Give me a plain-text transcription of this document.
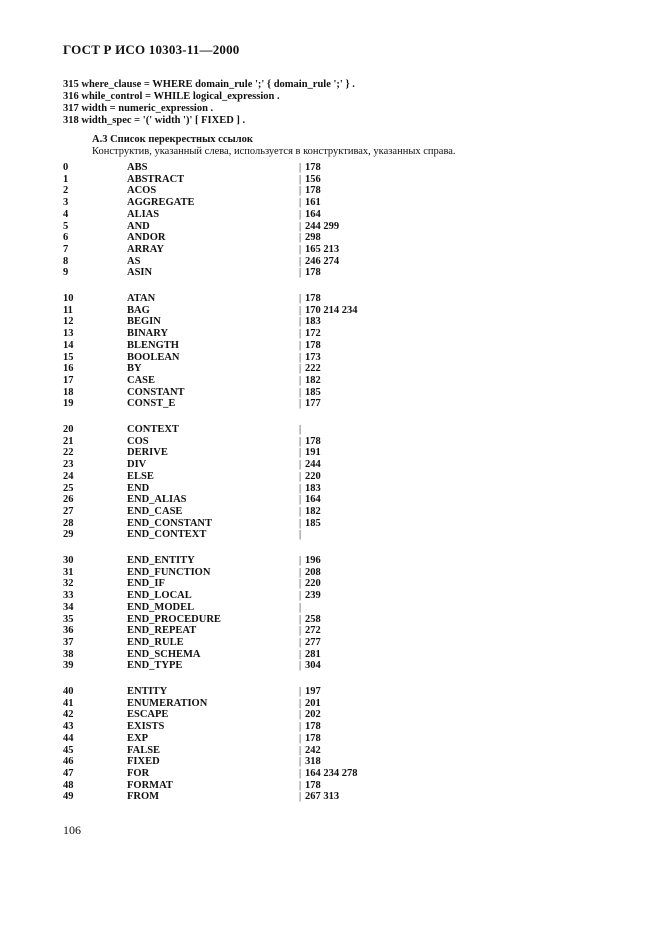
ГОСТ Р ИСО 10303-11—2000
315 where_clause = WHERE domain_rule ';' { domain_rule ';' } .
316 while_control = WHILE logical_expression .
317 width = numeric_expression .
318 width_spec = '(' width ')' [ FIXED ] .
А.3 Список перекрестных ссылок
Конструктив, указанный слева, используется в конструктивах, указанных справа.
0	ABS	| 178
1	ABSTRACT	| 156
2	ACOS	| 178
3	AGGREGATE	| 161
4	ALIAS	| 164
5	AND	| 244 299
6	ANDOR	| 298
7	ARRAY	| 165 213
8	AS	| 246 274
9	ASIN	| 178
10	ATAN	| 178
11	BAG	| 170 214 234
12	BEGIN	| 183
13	BINARY	| 172
14	BLENGTH	| 178
15	BOOLEAN	| 173
16	BY	| 222
17	CASE	| 182
18	CONSTANT	| 185
19	CONST_E	| 177
20	CONTEXT	|
21	COS	| 178
22	DERIVE	| 191
23	DIV	| 244
24	ELSE	| 220
25	END	| 183
26	END_ALIAS	| 164
27	END_CASE	| 182
28	END_CONSTANT	| 185
29	END_CONTEXT	|
30	END_ENTITY	| 196
31	END_FUNCTION	| 208
32	END_IF	| 220
33	END_LOCAL	| 239
34	END_MODEL	|
35	END_PROCEDURE	| 258
36	END_REPEAT	| 272
37	END_RULE	| 277
38	END_SCHEMA	| 281
39	END_TYPE	| 304
40	ENTITY	| 197
41	ENUMERATION	| 201
42	ESCAPE	| 202
43	EXISTS	| 178
44	EXP	| 178
45	FALSE	| 242
46	FIXED	| 318
47	FOR	| 164 234 278
48	FORMAT	| 178
49	FROM	| 267 313
106
